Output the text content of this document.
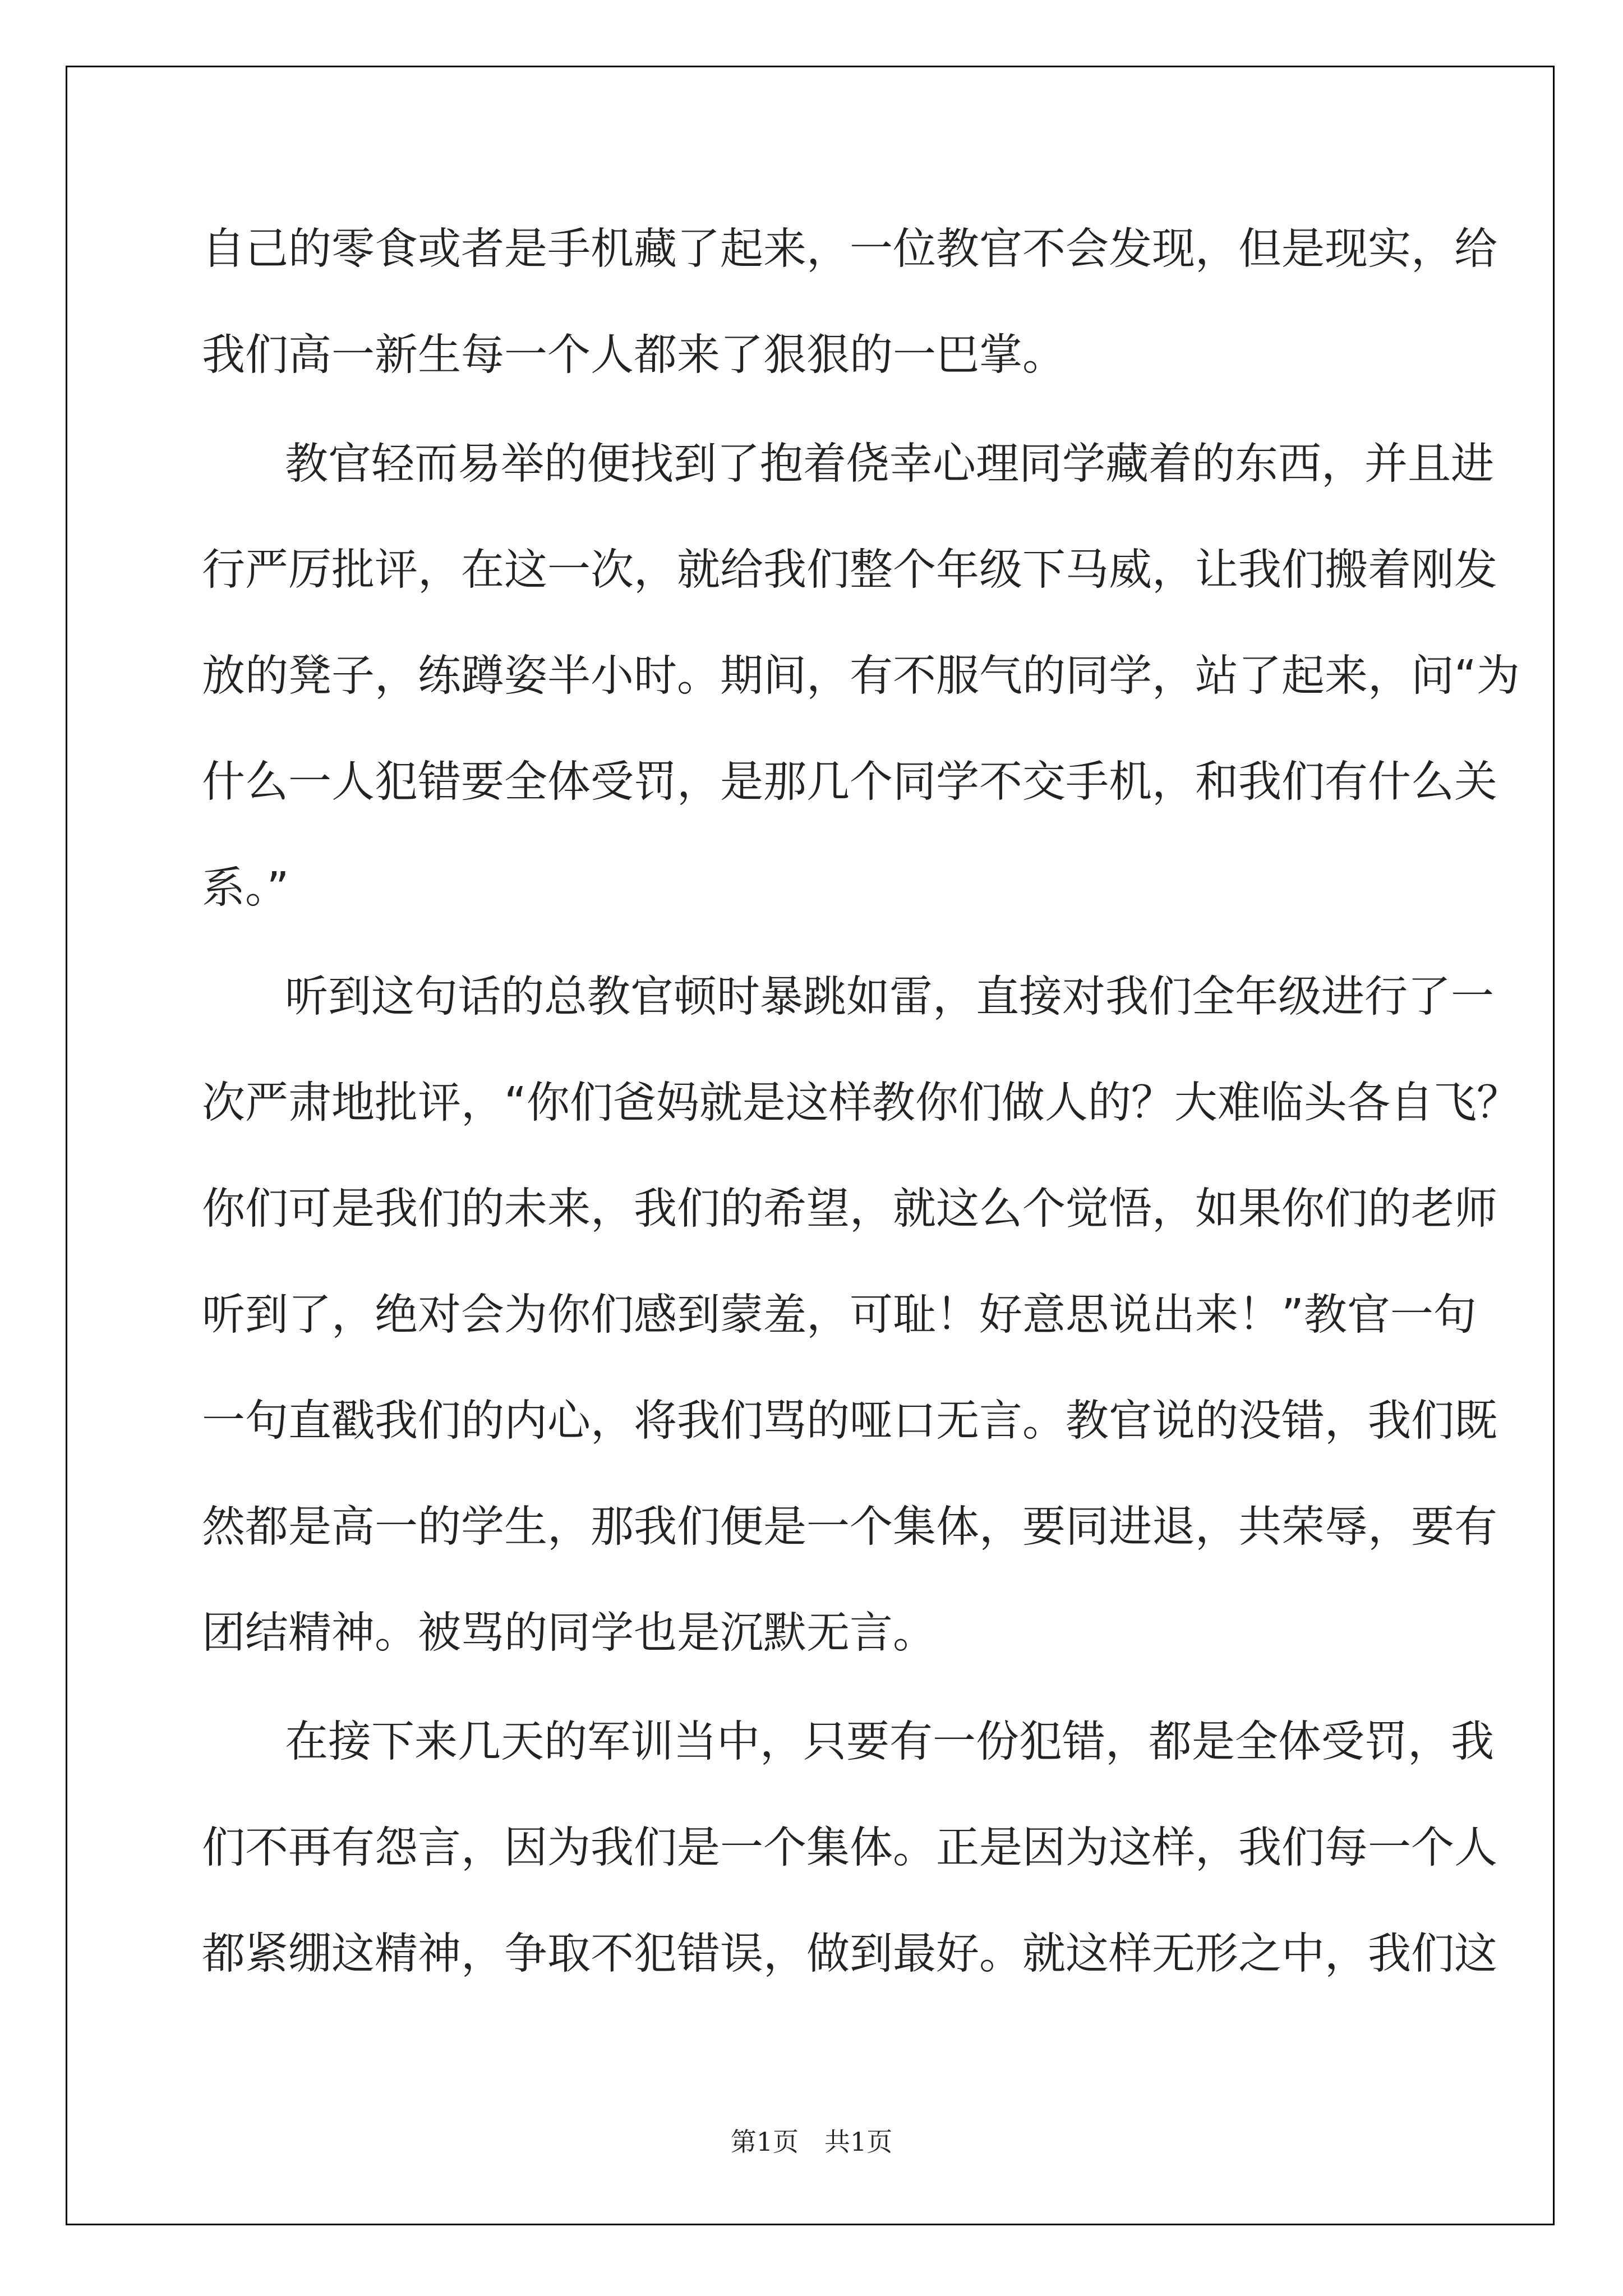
自己的零食或者是手机藏了起来，一位教官不会发现，但是现实，给
我们高一新生每一个人都来了狠狠的一巴掌。
教官轻而易举的便找到了抱着侥幸心理同学藏着的东西，并且进
行严厉批评，在这一次，就给我们整个年级下马威，让我们搬着刚发
放的凳子，练蹲姿半小时。期间，有不服气的同学，站了起来，问“为
什么一人犯错要全体受罚，是那几个同学不交手机，和我们有什么关
系。”
听到这句话的总教官顿时暴跳如雷，直接对我们全年级进行了一
次严肃地批评，“你们爸妈就是这样教你们做人的？大难临头各自飞？
你们可是我们的未来，我们的希望，就这么个觉悟，如果你们的老师
听到了，绝对会为你们感到蒙羞，可耻！好意思说出来！”教官一句
一句直戳我们的内心，将我们骂的哑口无言。教官说的没错，我们既
然都是高一的学生，那我们便是一个集体，要同进退，共荣辱，要有
团结精神。被骂的同学也是沉默无言。
在接下来几天的军训当中，只要有一份犯错，都是全体受罚，我
们不再有怨言，因为我们是一个集体。正是因为这样，我们每一个人
都紧绷这精神，争取不犯错误，做到最好。就这样无形之中，我们这
第1页　共1页
